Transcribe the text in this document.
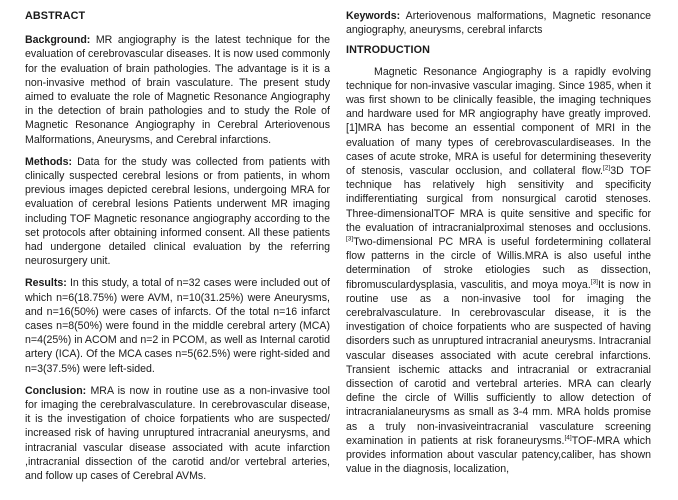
ABSTRACT

Background: MR angiography is the latest technique for the evaluation of cerebrovascular diseases. It is now used commonly for the evaluation of brain pathologies. The advantage is it is a non-invasive method of brain vasculature. The present study aimed to evaluate the role of Magnetic Resonance Angiography in the detection of brain pathologies and to study the Role of Magnetic Resonance Angiography in Cerebral Arteriovenous Malformations, Aneurysms, and Cerebral infarctions.

Methods: Data for the study was collected from patients with clinically suspected cerebral lesions or from patients, in whom previous images depicted cerebral lesions, undergoing MRA for evaluation of cerebral lesions Patients underwent MR imaging including TOF Magnetic resonance angiography according to the set protocols after obtaining informed consent. All these patients had undergone detailed clinical evaluation by the referring neurosurgery unit.

Results: In this study, a total of n=32 cases were included out of which n=6(18.75%) were AVM, n=10(31.25%) were Aneurysms, and n=16(50%) were cases of infarcts. Of the total n=16 infarct cases n=8(50%) were found in the middle cerebral artery (MCA) n=4(25%) in ACOM and n=2 in PCOM, as well as Internal carotid artery (ICA). Of the MCA cases n=5(62.5%) were right-sided and n=3(37.5%) were left-sided.

Conclusion: MRA is now in routine use as a non-invasive tool for imaging the cerebralvasculature. In cerebrovascular disease, it is the investigation of choice forpatients who are suspected/ increased risk of having unruptured intracranial aneurysms, and intracranial vascular disease associated with acute infarction ,intracranial dissection of the carotid and/or vertebral arteries, and follow up cases of Cerebral AVMs.

Keywords: Arteriovenous malformations, Magnetic resonance angiography, aneurysms, cerebral infarcts

INTRODUCTION

Magnetic Resonance Angiography is a rapidly evolving technique for non-invasive vascular imaging. Since 1985, when it was first shown to be clinically feasible, the imaging techniques and hardware used for MR angiography have greatly improved.[1]MRA has become an essential component of MRI in the evaluation of many types of cerebrovasculardiseases. In the cases of acute stroke, MRA is useful for determining theseverity of stenosis, vascular occlusion, and collateral flow.[2]3D TOF technique has relatively high sensitivity and specificity indifferentiating surgical from nonsurgical carotid stenoses. Three-dimensionalTOF MRA is quite sensitive and specific for the evaluation of intracranialproximal stenoses and occlusions. [3]Two-dimensional PC MRA is useful fordetermining collateral flow patterns in the circle of Willis.MRA is also useful inthe determination of stroke etiologies such as dissection, fibromusculardysplasia, vasculitis, and moya moya.[3]It is now in routine use as a non-invasive tool for imaging the cerebralvasculature. In cerebrovascular disease, it is the investigation of choice forpatients who are suspected of having disorders such as unruptured intracranial aneurysms. Intracranial vascular diseases associated with acute cerebral infarctions. Transient ischemic attacks and intracranial or extracranial dissection of carotid and vertebral arteries. MRA can clearly define the circle of Willis sufficiently to allow detection of intracranialaneurysms as small as 3-4 mm. MRA holds promise as a truly non-invasiveintracranial vasculature screening examination in patients at risk foraneurysms.[4]TOF-MRA which provides information about vascular patency,caliber, has shown value in the diagnosis, localization,
